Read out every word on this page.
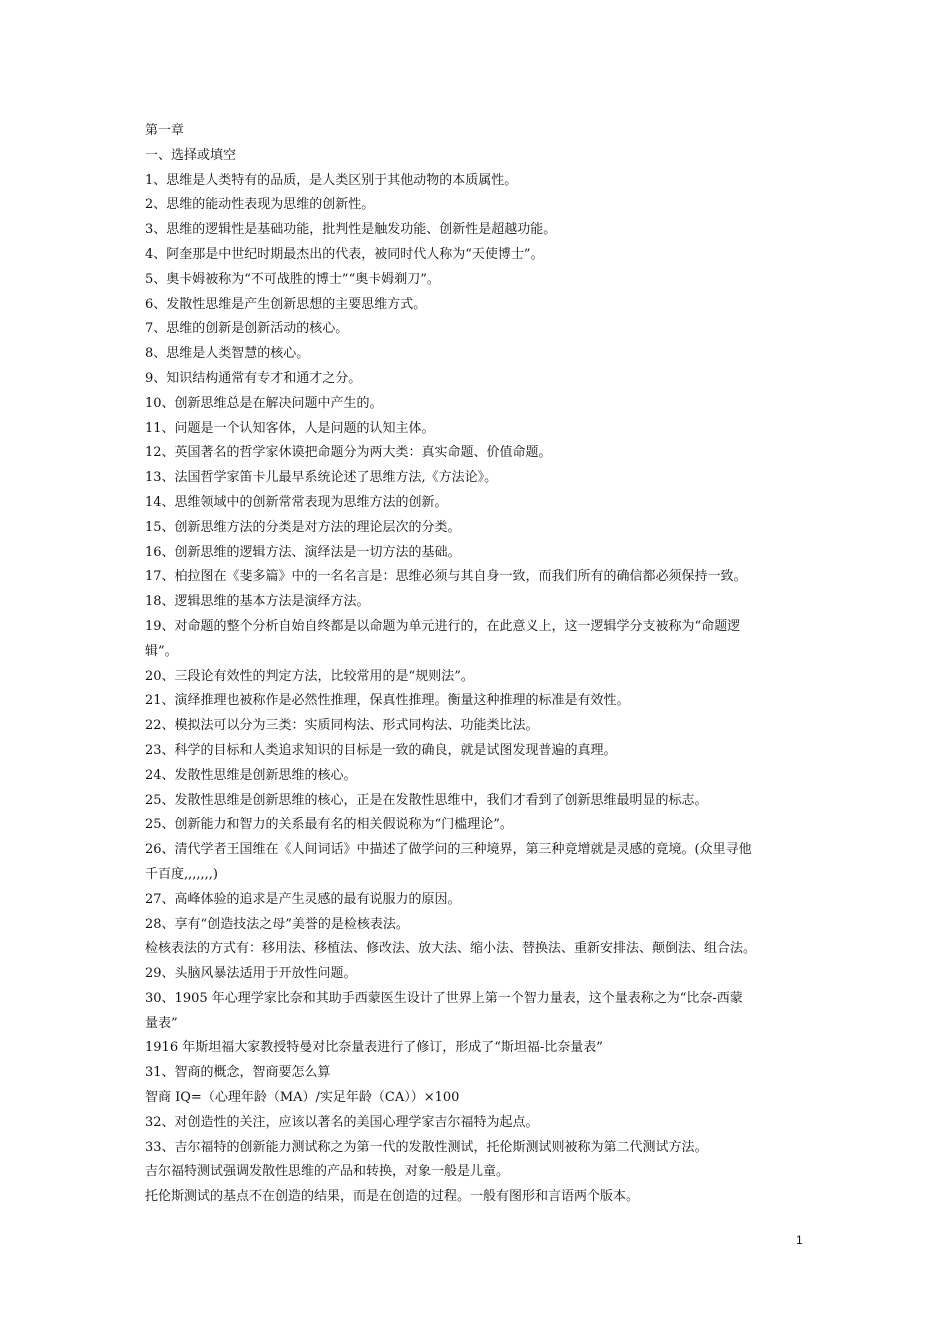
第一章
一、选择或填空
1、思维是人类特有的品质，是人类区别于其他动物的本质属性。
2、思维的能动性表现为思维的创新性。
3、思维的逻辑性是基础功能，批判性是触发功能、创新性是超越功能。
4、阿奎那是中世纪时期最杰出的代表，被同时代人称为“天使博士”。
5、奥卡姆被称为“不可战胜的博士”“奥卡姆剃刀”。
6、发散性思维是产生创新思想的主要思维方式。
7、思维的创新是创新活动的核心。
8、思维是人类智慧的核心。
9、知识结构通常有专才和通才之分。
10、创新思维总是在解决问题中产生的。
11、问题是一个认知客体，人是问题的认知主体。
12、英国著名的哲学家休谟把命题分为两大类：真实命题、价值命题。
13、法国哲学家笛卡儿最早系统论述了思维方法,《方法论》。
14、思维领域中的创新常常表现为思维方法的创新。
15、创新思维方法的分类是对方法的理论层次的分类。
16、创新思维的逻辑方法、演绎法是一切方法的基础。
17、柏拉图在《斐多篇》中的一名名言是：思维必须与其自身一致，而我们所有的确信都必须保持一致。
18、逻辑思维的基本方法是演绎方法。
19、对命题的整个分析自始自终都是以命题为单元进行的，在此意义上，这一逻辑学分支被称为“命题逻
辑”。
20、三段论有效性的判定方法，比较常用的是“规则法”。
21、演绎推理也被称作是必然性推理，保真性推理。衡量这种推理的标准是有效性。
22、模拟法可以分为三类：实质同构法、形式同构法、功能类比法。
23、科学的目标和人类追求知识的目标是一致的确良，就是试图发现普遍的真理。
24、发散性思维是创新思维的核心。
25、发散性思维是创新思维的核心，正是在发散性思维中，我们才看到了创新思维最明显的标志。
25、创新能力和智力的关系最有名的相关假说称为“门槛理论”。
26、清代学者王国维在《人间词话》中描述了做学问的三种境界，第三种竟增就是灵感的竟境。(众里寻他
千百度,,,,,,,)
27、高峰体验的追求是产生灵感的最有说服力的原因。
28、享有“创造技法之母”美誉的是检核表法。
检核表法的方式有：移用法、移植法、修改法、放大法、缩小法、替换法、重新安排法、颠倒法、组合法。
29、头脑风暴法适用于开放性问题。
30、1905 年心理学家比奈和其助手西蒙医生设计了世界上第一个智力量表，这个量表称之为“比奈-西蒙
量表”
1916 年斯坦福大家教授特曼对比奈量表进行了修订，形成了“斯坦福-比奈量表”
31、智商的概念，智商要怎么算
智商 IQ=（心理年龄（MA）/实足年龄（CA））×100
32、对创造性的关注，应该以著名的美国心理学家吉尔福特为起点。
33、吉尔福特的创新能力测试称之为第一代的发散性测试，托伦斯测试则被称为第二代测试方法。
吉尔福特测试强调发散性思维的产品和转换，对象一般是儿童。
托伦斯测试的基点不在创造的结果，而是在创造的过程。一般有图形和言语两个版本。
1
